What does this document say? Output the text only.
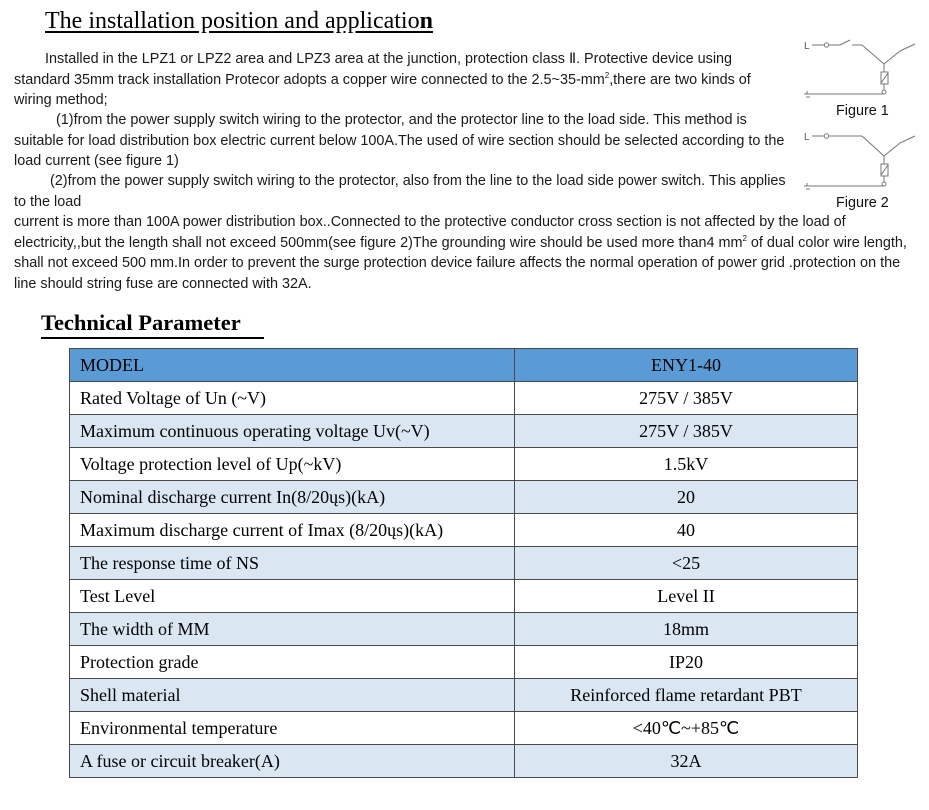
The installation position and application

Installed in the LPZ1 or LPZ2 area and LPZ3 area at the junction, protection class Ⅱ. Protective device using standard 35mm track installation Protecor adopts a copper wire connected to the $2.5\sim 35-mm^2,there$ are two kinds of wiring method;

(1)from the power supply switch wiring to the protector, and the protector line to the load side. This method is suitable for load distribution box electric current below 100A.The used of wire section should be selected according to the load current (see figure 1)

(2)from the power supply switch wiring to the protector, also from the line to the load side power switch. This applies to the load

current is more than 100A power distribution box..Connected to the protective conductor cross section is not affected by the load of electricity,,but the length shall not exceed 500mm(see figure 2)The grounding wire should be used more than4 $mm^2$ of dual color wire length, shall not exceed 500 mm.In order to prevent the surge protection device failure affects the normal operation of power grid .protection on the line should string fuse are connected with 32A.

L
Figure 1
L
Figure 2
Technical Parameter
MODEL	ENY1-40
Rated Voltage of Un (~V)	275V / 385V
Maximum continuous operating voltage Uv(~V)	275V / 385V
Voltage protection level of Up(~kV)	1.5kV
Nominal discharge current In(8/20ųs)(kA)	20
Maximum discharge current of Imax (8/20ųs)(kA)	40
The response time of NS	<25
Test Level	Level II
The width of MM	18mm
Protection grade	IP20
Shell material	Reinforced flame retardant PBT
Environmental temperature	<40℃~+85℃
A fuse or circuit breaker(A)	32A
